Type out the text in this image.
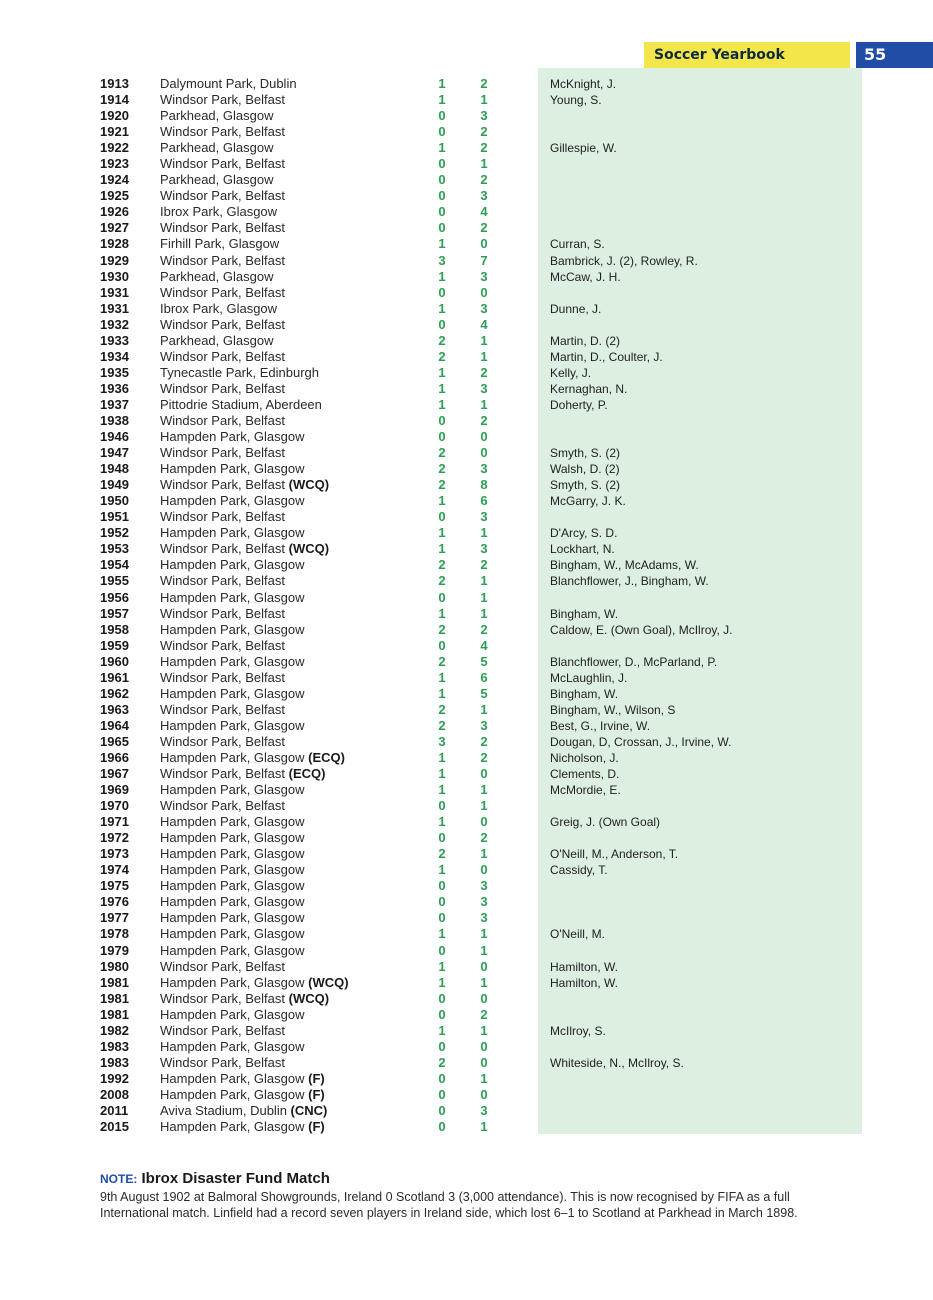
Soccer Yearbook	55
1913 Dalymount Park, Dublin	1	2	McKnight, J.
1914 Windsor Park, Belfast	1	1	Young, S.
1920 Parkhead, Glasgow	0	3
1921 Windsor Park, Belfast	0	2
1922 Parkhead, Glasgow	1	2	Gillespie, W.
1923 Windsor Park, Belfast	0	1
1924 Parkhead, Glasgow	0	2
1925 Windsor Park, Belfast	0	3
1926 Ibrox Park, Glasgow	0	4
1927 Windsor Park, Belfast	0	2
1928 Firhill Park, Glasgow	1	0	Curran, S.
1929 Windsor Park, Belfast	3	7	Bambrick, J. (2), Rowley, R.
1930 Parkhead, Glasgow	1	3	McCaw, J. H.
1931 Windsor Park, Belfast	0	0
1931 Ibrox Park, Glasgow	1	3	Dunne, J.
1932 Windsor Park, Belfast	0	4
1933 Parkhead, Glasgow	2	1	Martin, D. (2)
1934 Windsor Park, Belfast	2	1	Martin, D., Coulter, J.
1935 Tynecastle Park, Edinburgh	1	2	Kelly, J.
1936 Windsor Park, Belfast	1	3	Kernaghan, N.
1937 Pittodrie Stadium, Aberdeen	1	1	Doherty, P.
1938 Windsor Park, Belfast	0	2
1946 Hampden Park, Glasgow	0	0
1947 Windsor Park, Belfast	2	0	Smyth, S. (2)
1948 Hampden Park, Glasgow	2	3	Walsh, D. (2)
1949 Windsor Park, Belfast (WCQ)	2	8	Smyth, S. (2)
1950 Hampden Park, Glasgow	1	6	McGarry, J. K.
1951 Windsor Park, Belfast	0	3
1952 Hampden Park, Glasgow	1	1	D'Arcy, S. D.
1953 Windsor Park, Belfast (WCQ)	1	3	Lockhart, N.
1954 Hampden Park, Glasgow	2	2	Bingham, W., McAdams, W.
1955 Windsor Park, Belfast	2	1	Blanchflower, J., Bingham, W.
1956 Hampden Park, Glasgow	0	1
1957 Windsor Park, Belfast	1	1	Bingham, W.
1958 Hampden Park, Glasgow	2	2	Caldow, E. (Own Goal), McIlroy, J.
1959 Windsor Park, Belfast	0	4
1960 Hampden Park, Glasgow	2	5	Blanchflower, D., McParland, P.
1961 Windsor Park, Belfast	1	6	McLaughlin, J.
1962 Hampden Park, Glasgow	1	5	Bingham, W.
1963 Windsor Park, Belfast	2	1	Bingham, W., Wilson, S
1964 Hampden Park, Glasgow	2	3	Best, G., Irvine, W.
1965 Windsor Park, Belfast	3	2	Dougan, D, Crossan, J., Irvine, W.
1966 Hampden Park, Glasgow (ECQ)	1	2	Nicholson, J.
1967 Windsor Park, Belfast (ECQ)	1	0	Clements, D.
1969 Hampden Park, Glasgow	1	1	McMordie, E.
1970 Windsor Park, Belfast	0	1
1971 Hampden Park, Glasgow	1	0	Greig, J. (Own Goal)
1972 Hampden Park, Glasgow	0	2
1973 Hampden Park, Glasgow	2	1	O'Neill, M., Anderson, T.
1974 Hampden Park, Glasgow	1	0	Cassidy, T.
1975 Hampden Park, Glasgow	0	3
1976 Hampden Park, Glasgow	0	3
1977 Hampden Park, Glasgow	0	3
1978 Hampden Park, Glasgow	1	1	O'Neill, M.
1979 Hampden Park, Glasgow	0	1
1980 Windsor Park, Belfast	1	0	Hamilton, W.
1981 Hampden Park, Glasgow (WCQ)	1	1	Hamilton, W.
1981 Windsor Park, Belfast (WCQ)	0	0
1981 Hampden Park, Glasgow	0	2
1982 Windsor Park, Belfast	1	1	McIlroy, S.
1983 Hampden Park, Glasgow	0	0
1983 Windsor Park, Belfast	2	0	Whiteside, N., McIlroy, S.
1992 Hampden Park, Glasgow (F)	0	1
2008 Hampden Park, Glasgow (F)	0	0
2011 Aviva Stadium, Dublin (CNC)	0	3
2015 Hampden Park, Glasgow (F)	0	1
NOTE: Ibrox Disaster Fund Match
9th August 1902 at Balmoral Showgrounds, Ireland 0 Scotland 3 (3,000 attendance). This is now recognised by FIFA as a full International match. Linfield had a record seven players in Ireland side, which lost 6–1 to Scotland at Parkhead in March 1898.
